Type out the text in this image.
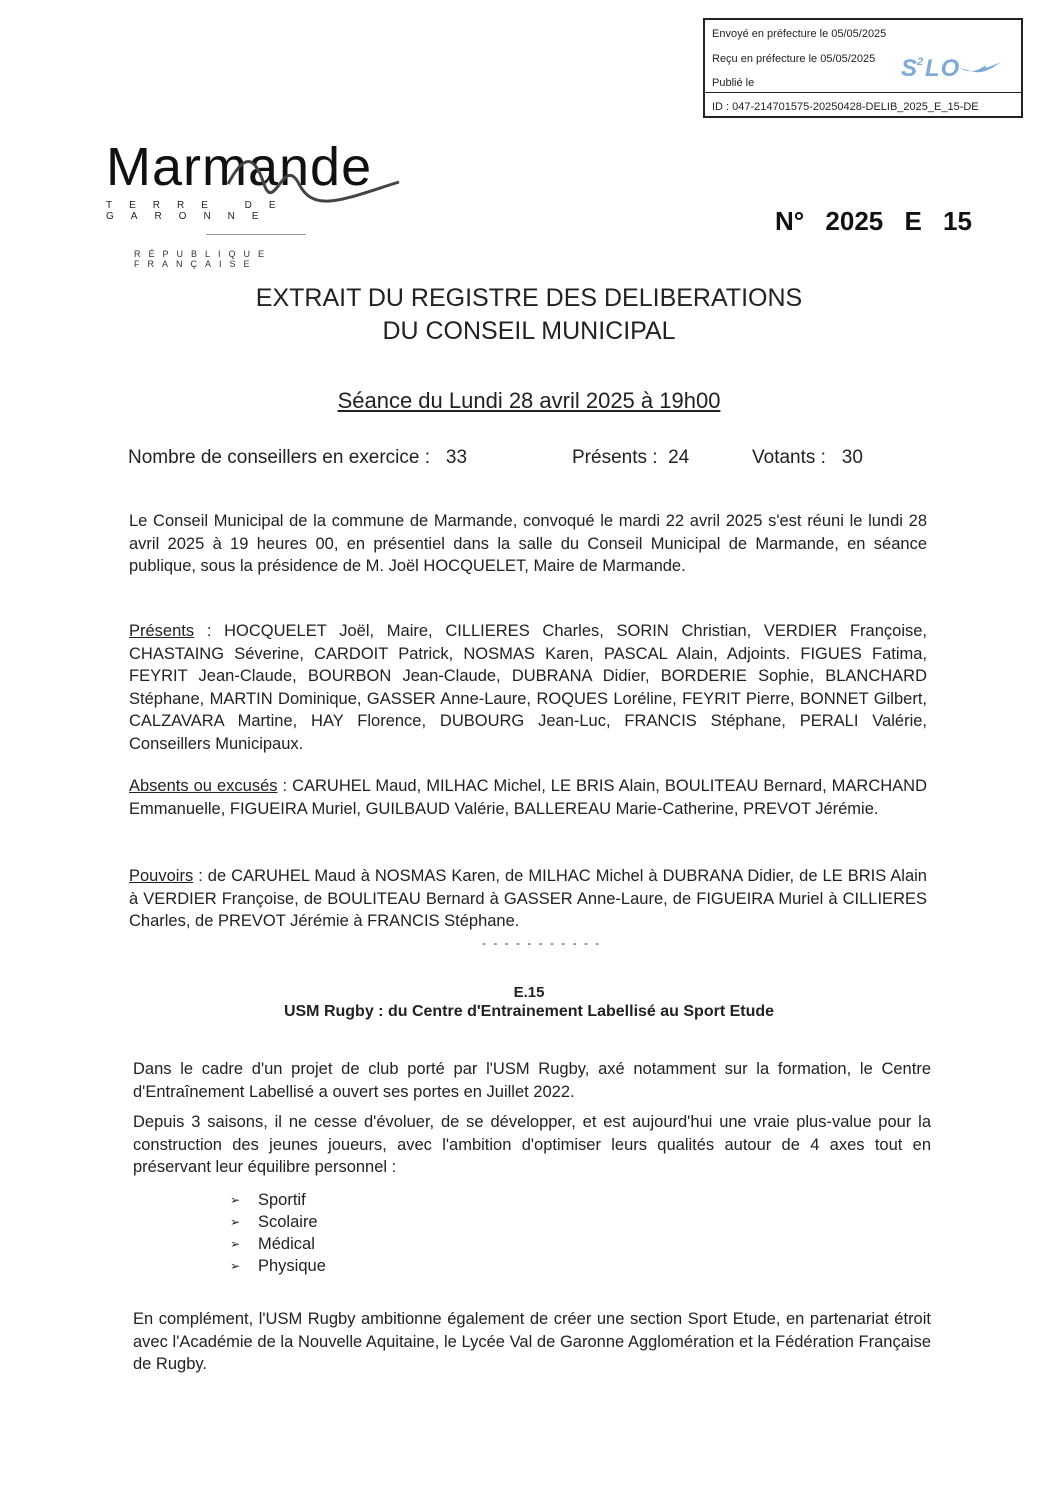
Envoyé en préfecture le 05/05/2025
Reçu en préfecture le 05/05/2025
Publié le
ID : 047-214701575-20250428-DELIB_2025_E_15-DE
S
2 LO
Marmande
TERRE DE GARONNE
RÉPUBLIQUE FRANÇAISE
N° 2025 E 15
EXTRAIT DU REGISTRE DES DELIBERATIONS
DU CONSEIL MUNICIPAL
Séance du Lundi 28 avril 2025 à 19h00
Nombre de conseillers en exercice : 33	Présents : 24	Votants : 30
Le Conseil Municipal de la commune de Marmande, convoqué le mardi 22 avril 2025 s'est réuni le lundi 28 avril 2025 à 19 heures 00, en présentiel dans la salle du Conseil Municipal de Marmande, en séance publique, sous la présidence de M. Joël HOCQUELET, Maire de Marmande.
Présents : HOCQUELET Joël, Maire, CILLIERES Charles, SORIN Christian, VERDIER Françoise, CHASTAING Séverine, CARDOIT Patrick, NOSMAS Karen, PASCAL Alain, Adjoints. FIGUES Fatima, FEYRIT Jean-Claude, BOURBON Jean-Claude, DUBRANA Didier, BORDERIE Sophie, BLANCHARD Stéphane, MARTIN Dominique, GASSER Anne-Laure, ROQUES Loréline, FEYRIT Pierre, BONNET Gilbert, CALZAVARA Martine, HAY Florence, DUBOURG Jean-Luc, FRANCIS Stéphane, PERALI Valérie, Conseillers Municipaux.
Absents ou excusés : CARUHEL Maud, MILHAC Michel, LE BRIS Alain, BOULITEAU Bernard, MARCHAND Emmanuelle, FIGUEIRA Muriel, GUILBAUD Valérie, BALLEREAU Marie-Catherine, PREVOT Jérémie.
Pouvoirs : de CARUHEL Maud à NOSMAS Karen, de MILHAC Michel à DUBRANA Didier, de LE BRIS Alain à VERDIER Françoise, de BOULITEAU Bernard à GASSER Anne-Laure, de FIGUEIRA Muriel à CILLIERES Charles, de PREVOT Jérémie à FRANCIS Stéphane.
- - - - - - - - - - -
E.15
USM Rugby : du Centre d'Entrainement Labellisé au Sport Etude
Dans le cadre d'un projet de club porté par l'USM Rugby, axé notamment sur la formation, le Centre d'Entraînement Labellisé a ouvert ses portes en Juillet 2022.
Depuis 3 saisons, il ne cesse d'évoluer, de se développer, et est aujourd'hui une vraie plus-value pour la construction des jeunes joueurs, avec l'ambition d'optimiser leurs qualités autour de 4 axes tout en préservant leur équilibre personnel :
➢	Sportif
➢	Scolaire
➢	Médical
➢	Physique
En complément, l'USM Rugby ambitionne également de créer une section Sport Etude, en partenariat étroit avec l'Académie de la Nouvelle Aquitaine, le Lycée Val de Garonne Agglomération et la Fédération Française de Rugby.
